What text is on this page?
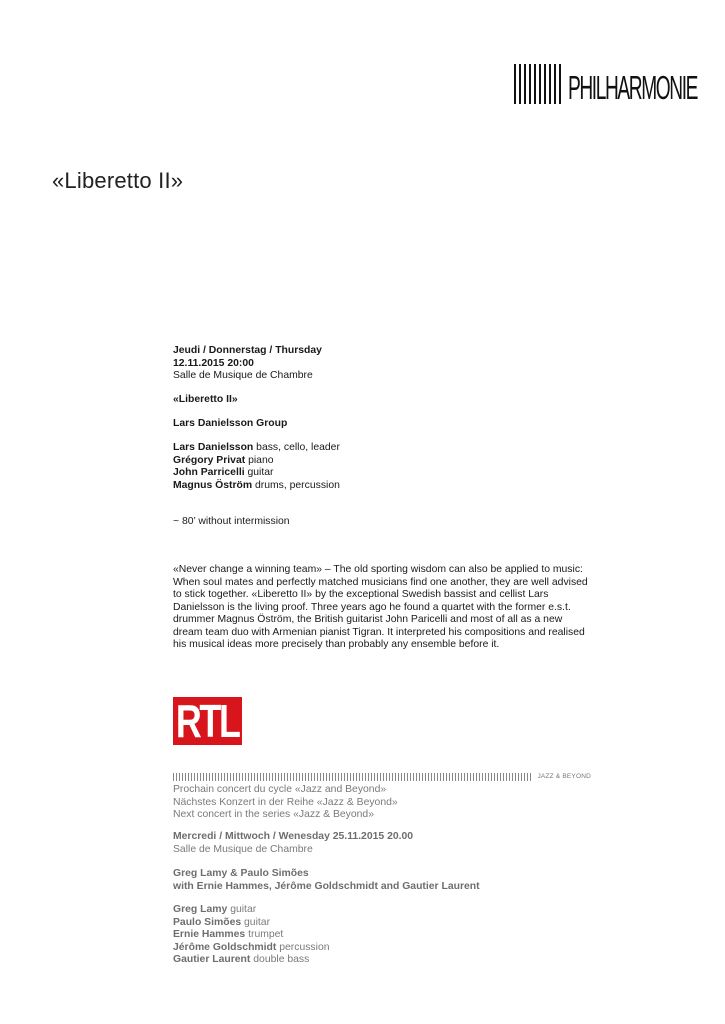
PHILHARMONIE
«Liberetto II»
Jeudi / Donnerstag / Thursday
12.11.2015 20:00
Salle de Musique de Chambre
«Liberetto II»
Lars Danielsson Group
Lars Danielsson bass, cello, leader
Grégory Privat piano
John Parricelli guitar
Magnus Öström drums, percussion
~ 80’ without intermission
«Never change a winning team» – The old sporting wisdom can also be applied to music: When soul mates and perfectly matched musicians find one another, they are well advised to stick together. «Liberetto II» by the exceptional Swedish bassist and cellist Lars Danielsson is the living proof. Three years ago he found a quartet with the former e.s.t. drummer Magnus Öström, the British guitarist John Paricelli and most of all as a new dream team duo with Armenian pianist Tigran. It interpreted his compositions and realised his musical ideas more precisely than probably any ensemble before it.
RTL
JAZZ & BEYOND
Prochain concert du cycle «Jazz and Beyond»
Nächstes Konzert in der Reihe «Jazz & Beyond»
Next concert in the series «Jazz & Beyond»
Mercredi / Mittwoch / Wenesday 25.11.2015 20.00
Salle de Musique de Chambre
Greg Lamy & Paulo Simões
with Ernie Hammes, Jérôme Goldschmidt and Gautier Laurent
Greg Lamy guitar
Paulo Simões guitar
Ernie Hammes trumpet
Jérôme Goldschmidt percussion
Gautier Laurent double bass
